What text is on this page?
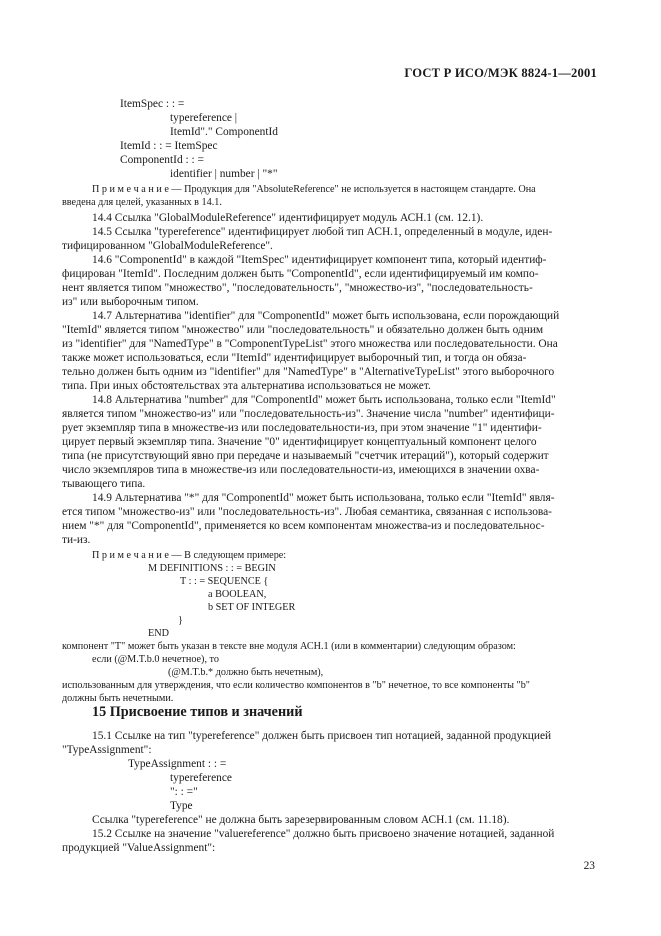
ГОСТ Р ИСО/МЭК 8824-1—2001
ItemSpec : : =
typereference |
ItemId"." ComponentId
ItemId : : = ItemSpec
ComponentId : : =
identifier | number | "*"
П р и м е ч а н и е — Продукция для "AbsoluteReference" не используется в настоящем стандарте. Она
введена для целей, указанных в 14.1.
14.4 Ссылка "GlobalModuleReference" идентифицирует модуль АСН.1 (см. 12.1).
14.5 Ссылка "typereference" идентифицирует любой тип АСН.1, определенный в модуле, иден-
тифицированном "GlobalModuleReference".
14.6 "ComponentId" в каждой "ItemSpec" идентифицирует компонент типа, который идентиф-
фицирован "ItemId". Последним должен быть "ComponentId", если идентифицируемый им компо-
нент является типом "множество", "последовательность", "множество-из", "последовательность-
из" или выборочным типом.
14.7 Альтернатива "identifier" для "ComponentId" может быть использована, если порождающий
"ItemId" является типом "множество" или "последовательность" и обязательно должен быть одним
из "identifier" для "NamedType" в "ComponentTypeList" этого множества или последовательности. Она
также может использоваться, если "ItemId" идентифицирует выборочный тип, и тогда он обяза-
тельно должен быть одним из "identifier" для "NamedType" в "AlternativeTypeList" этого выборочного
типа. При иных обстоятельствах эта альтернатива использоваться не может.
14.8 Альтернатива "number" для "ComponentId" может быть использована, только если "ItemId"
является типом "множество-из" или "последовательность-из". Значение числа "number" идентифици-
рует экземпляр типа в множестве-из или последовательности-из, при этом значение "1" идентифи-
цирует первый экземпляр типа. Значение "0" идентифицирует концептуальный компонент целого
типа (не присутствующий явно при передаче и называемый "счетчик итераций"), который содержит
число экземпляров типа в множестве-из или последовательности-из, имеющихся в значении охва-
тывающего типа.
14.9 Альтернатива "*" для "ComponentId" может быть использована, только если "ItemId" явля-
ется типом "множество-из" или "последовательность-из". Любая семантика, связанная с использова-
нием "*" для "ComponentId", применяется ко всем компонентам множества-из и последовательнос-
ти-из.
П р и м е ч а н и е — В следующем примере:
M DEFINITIONS : : = BEGIN
T : : = SEQUENCE {
a BOOLEAN,
b SET OF INTEGER
}
END
компонент "T" может быть указан в тексте вне модуля АСН.1 (или в комментарии) следующим образом:
если (@M.T.b.0 нечетное), то
(@M.T.b.* должно быть нечетным),
использованным для утверждения, что если количество компонентов в "b" нечетное, то все компоненты "b"
должны быть нечетными.
15 Присвоение типов и значений
15.1 Ссылке на тип "typereference" должен быть присвоен тип нотацией, заданной продукцией
"TypeAssignment":
TypeAssignment : : =
typereference
": : ="
Type
Ссылка "typereference" не должна быть зарезервированным словом АСН.1 (см. 11.18).
15.2 Ссылке на значение "valuereference" должно быть присвоено значение нотацией, заданной
продукцией "ValueAssignment":
23
